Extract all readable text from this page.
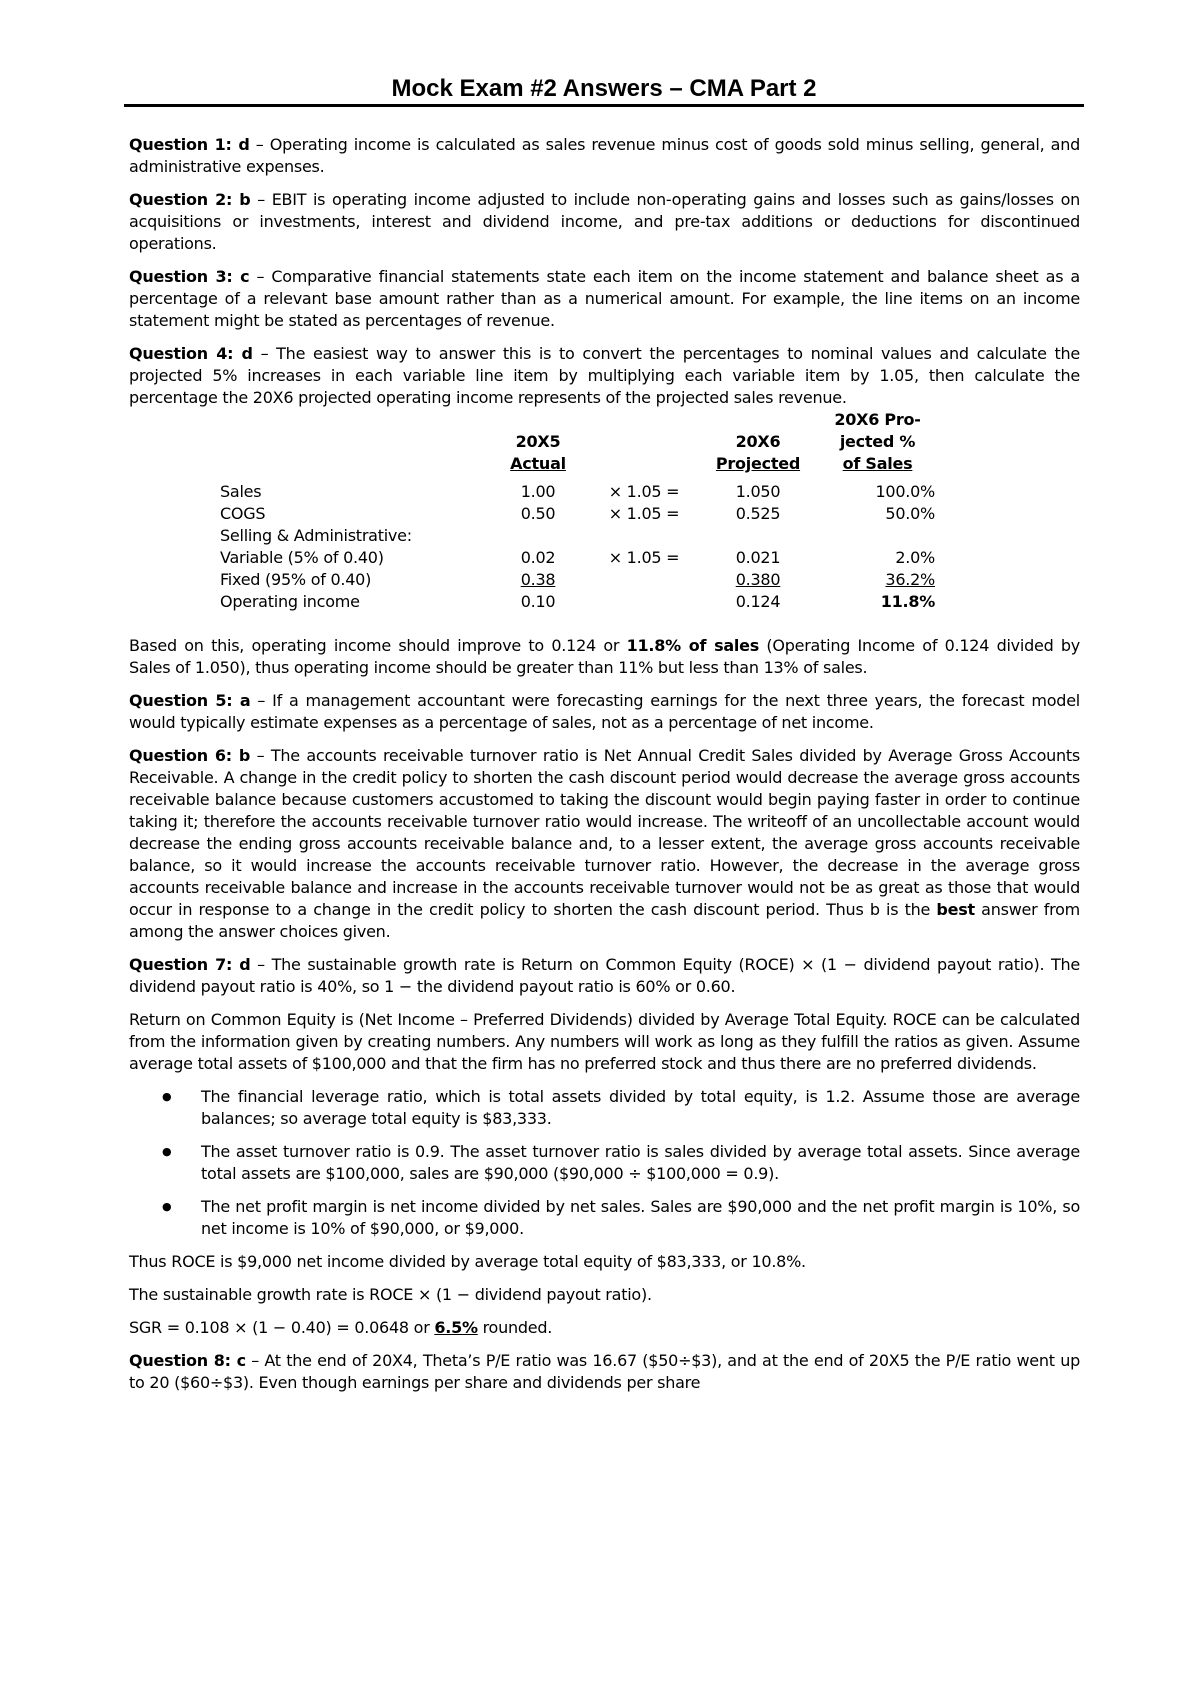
Mock Exam #2 Answers – CMA Part 2

Question 1: d – Operating income is calculated as sales revenue minus cost of goods sold minus selling, general, and administrative expenses.

Question 2: b – EBIT is operating income adjusted to include non-operating gains and losses such as gains/losses on acquisitions or investments, interest and dividend income, and pre-tax additions or deductions for discontinued operations.

Question 3: c – Comparative financial statements state each item on the income statement and balance sheet as a percentage of a relevant base amount rather than as a numerical amount. For example, the line items on an income statement might be stated as percentages of revenue.

Question 4: d – The easiest way to answer this is to convert the percentages to nominal values and calculate the projected 5% increases in each variable line item by multiplying each variable item by 1.05, then calculate the percentage the 20X6 projected operating income represents of the projected sales revenue.

				20X6 Pro-
	20X5		20X6	jected %
	Actual		Projected	of Sales

Sales	1.00	× 1.05 =	1.050	100.0%
COGS	0.50	× 1.05 =	0.525	50.0%
Selling & Administrative:				
Variable (5% of 0.40)	0.02	× 1.05 =	0.021	2.0%
Fixed (95% of 0.40)	0.38		0.380	36.2%
Operating income	0.10		0.124	11.8%

Based on this, operating income should improve to 0.124 or 11.8% of sales (Operating Income of 0.124 divided by Sales of 1.050), thus operating income should be greater than 11% but less than 13% of sales.

Question 5: a – If a management accountant were forecasting earnings for the next three years, the forecast model would typically estimate expenses as a percentage of sales, not as a percentage of net income.

Question 6: b – The accounts receivable turnover ratio is Net Annual Credit Sales divided by Average Gross Accounts Receivable. A change in the credit policy to shorten the cash discount period would decrease the average gross accounts receivable balance because customers accustomed to taking the discount would begin paying faster in order to continue taking it; therefore the accounts receivable turnover ratio would increase. The writeoff of an uncollectable account would decrease the ending gross accounts receivable balance and, to a lesser extent, the average gross accounts receivable balance, so it would increase the accounts receivable turnover ratio. However, the decrease in the average gross accounts receivable balance and increase in the accounts receivable turnover would not be as great as those that would occur in response to a change in the credit policy to shorten the cash discount period. Thus b is the best answer from among the answer choices given.

Question 7: d – The sustainable growth rate is Return on Common Equity (ROCE) × (1 − dividend payout ratio). The dividend payout ratio is 40%, so 1 − the dividend payout ratio is 60% or 0.60.

Return on Common Equity is (Net Income – Preferred Dividends) divided by Average Total Equity. ROCE can be calculated from the information given by creating numbers. Any numbers will work as long as they fulfill the ratios as given. Assume average total assets of $100,000 and that the firm has no preferred stock and thus there are no preferred dividends.

● The financial leverage ratio, which is total assets divided by total equity, is 1.2. Assume those are average balances; so average total equity is $83,333.
● The asset turnover ratio is 0.9. The asset turnover ratio is sales divided by average total assets. Since average total assets are $100,000, sales are $90,000 ($90,000 ÷ $100,000 = 0.9).
● The net profit margin is net income divided by net sales. Sales are $90,000 and the net profit margin is 10%, so net income is 10% of $90,000, or $9,000.

Thus ROCE is $9,000 net income divided by average total equity of $83,333, or 10.8%.

The sustainable growth rate is ROCE × (1 − dividend payout ratio).

SGR = 0.108 × (1 − 0.40) = 0.0648 or 6.5% rounded.

Question 8: c – At the end of 20X4, Theta’s P/E ratio was 16.67 ($50÷$3), and at the end of 20X5 the P/E ratio went up to 20 ($60÷$3). Even though earnings per share and dividends per share
